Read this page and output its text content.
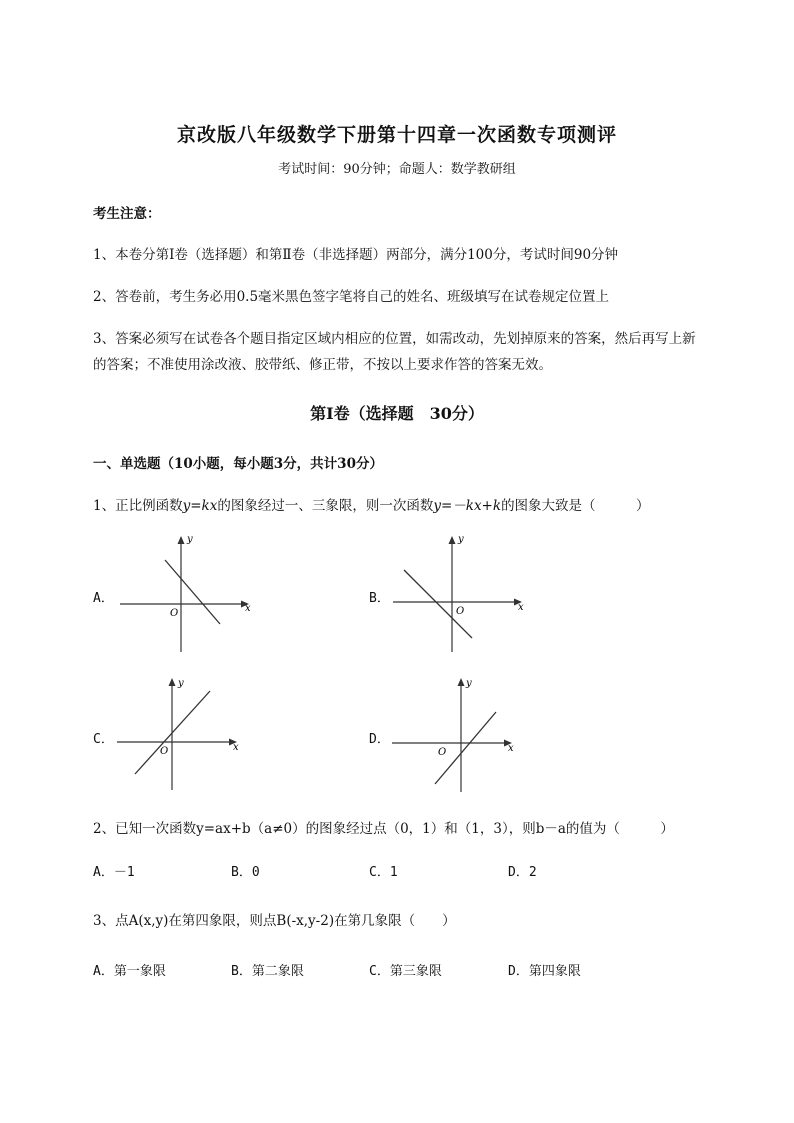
京改版八年级数学下册第十四章一次函数专项测评
考试时间：90分钟；命题人：数学教研组
考生注意：
1、本卷分第I卷（选择题）和第Ⅱ卷（非选择题）两部分，满分100分，考试时间90分钟
2、答卷前，考生务必用0.5毫米黑色签字笔将自己的姓名、班级填写在试卷规定位置上
3、答案必须写在试卷各个题目指定区域内相应的位置，如需改动，先划掉原来的答案，然后再写上新
的答案；不准使用涂改液、胶带纸、修正带，不按以上要求作答的答案无效。
第I卷（选择题　30分）
一、单选题（10小题，每小题3分，共计30分）
1、正比例函数y=kx的图象经过一、三象限，则一次函数y=－kx+k的图象大致是（　　　）
A．
x
y
O
B．
x
y
O
C．
x
y
O
D．
x
y
O
2、已知一次函数y=ax+b（a≠0）的图象经过点（0，1）和（1，3），则b－a的值为（　　　）
A．－1	B．0	C．1	D．2
3、点A(x,y)在第四象限，则点B(-x,y-2)在第几象限（　　）
A．第一象限	B．第二象限	C．第三象限	D．第四象限
